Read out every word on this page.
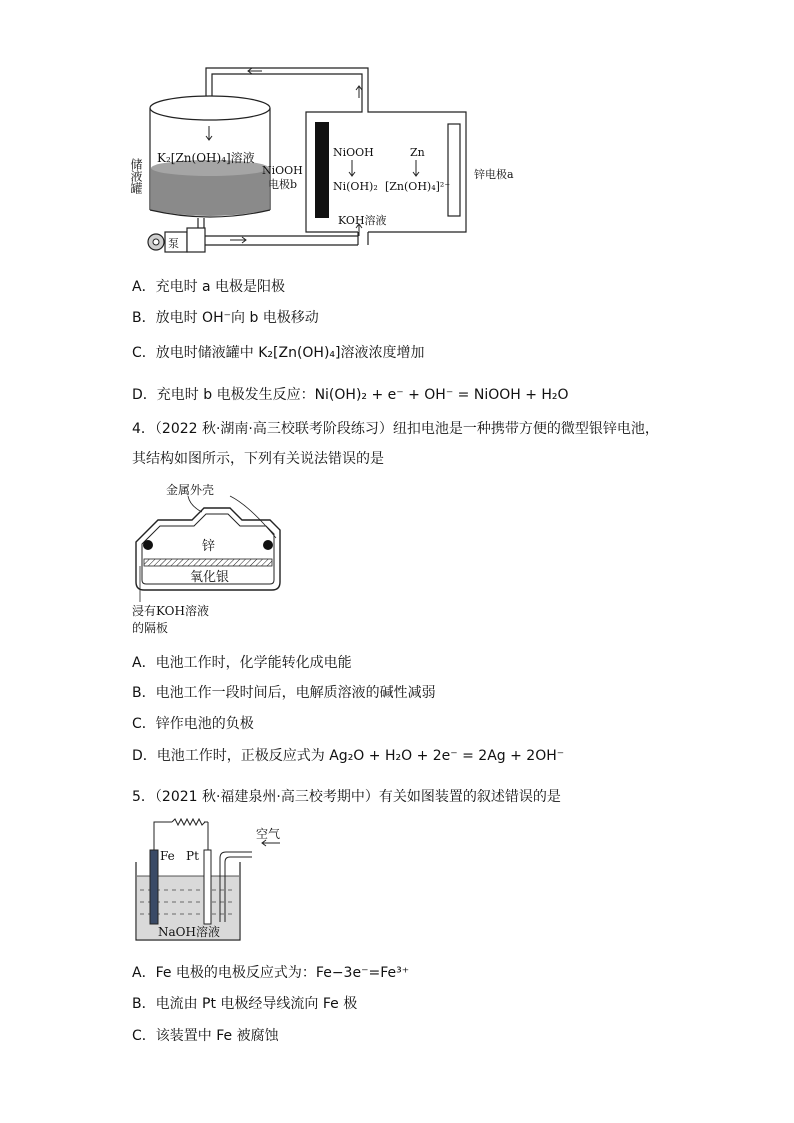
储液罐 K₂[Zn(OH)₄]溶液
NiOOH
电极b
NiOOH
Ni(OH)₂
Zn
[Zn(OH)₄]²⁻
锌电极a
KOH溶液
泵
A．充电时 a 电极是阳极
B．放电时 OH⁻向 b 电极移动
C．放电时储液罐中 K₂[Zn(OH)₄]溶液浓度增加
D．充电时 b 电极发生反应：Ni(OH)₂ + e⁻ + OH⁻ = NiOOH + H₂O
4．（2022 秋·湖南·高三校联考阶段练习）纽扣电池是一种携带方便的微型银锌电池，其结构如图所示，下列有关说法错误的是
金属外壳
锌
氧化银
浸有KOH溶液
的隔板
A．电池工作时，化学能转化成电能
B．电池工作一段时间后，电解质溶液的碱性减弱
C．锌作电池的负极
D．电池工作时，正极反应式为 Ag₂O + H₂O + 2e⁻ = 2Ag + 2OH⁻
5．（2021 秋·福建泉州·高三校考期中）有关如图装置的叙述错误的是
Fe Pt
空气
NaOH溶液
A．Fe 电极的电极反应式为：Fe−3e⁻=Fe³⁺
B．电流由 Pt 电极经导线流向 Fe 极
C．该装置中 Fe 被腐蚀
